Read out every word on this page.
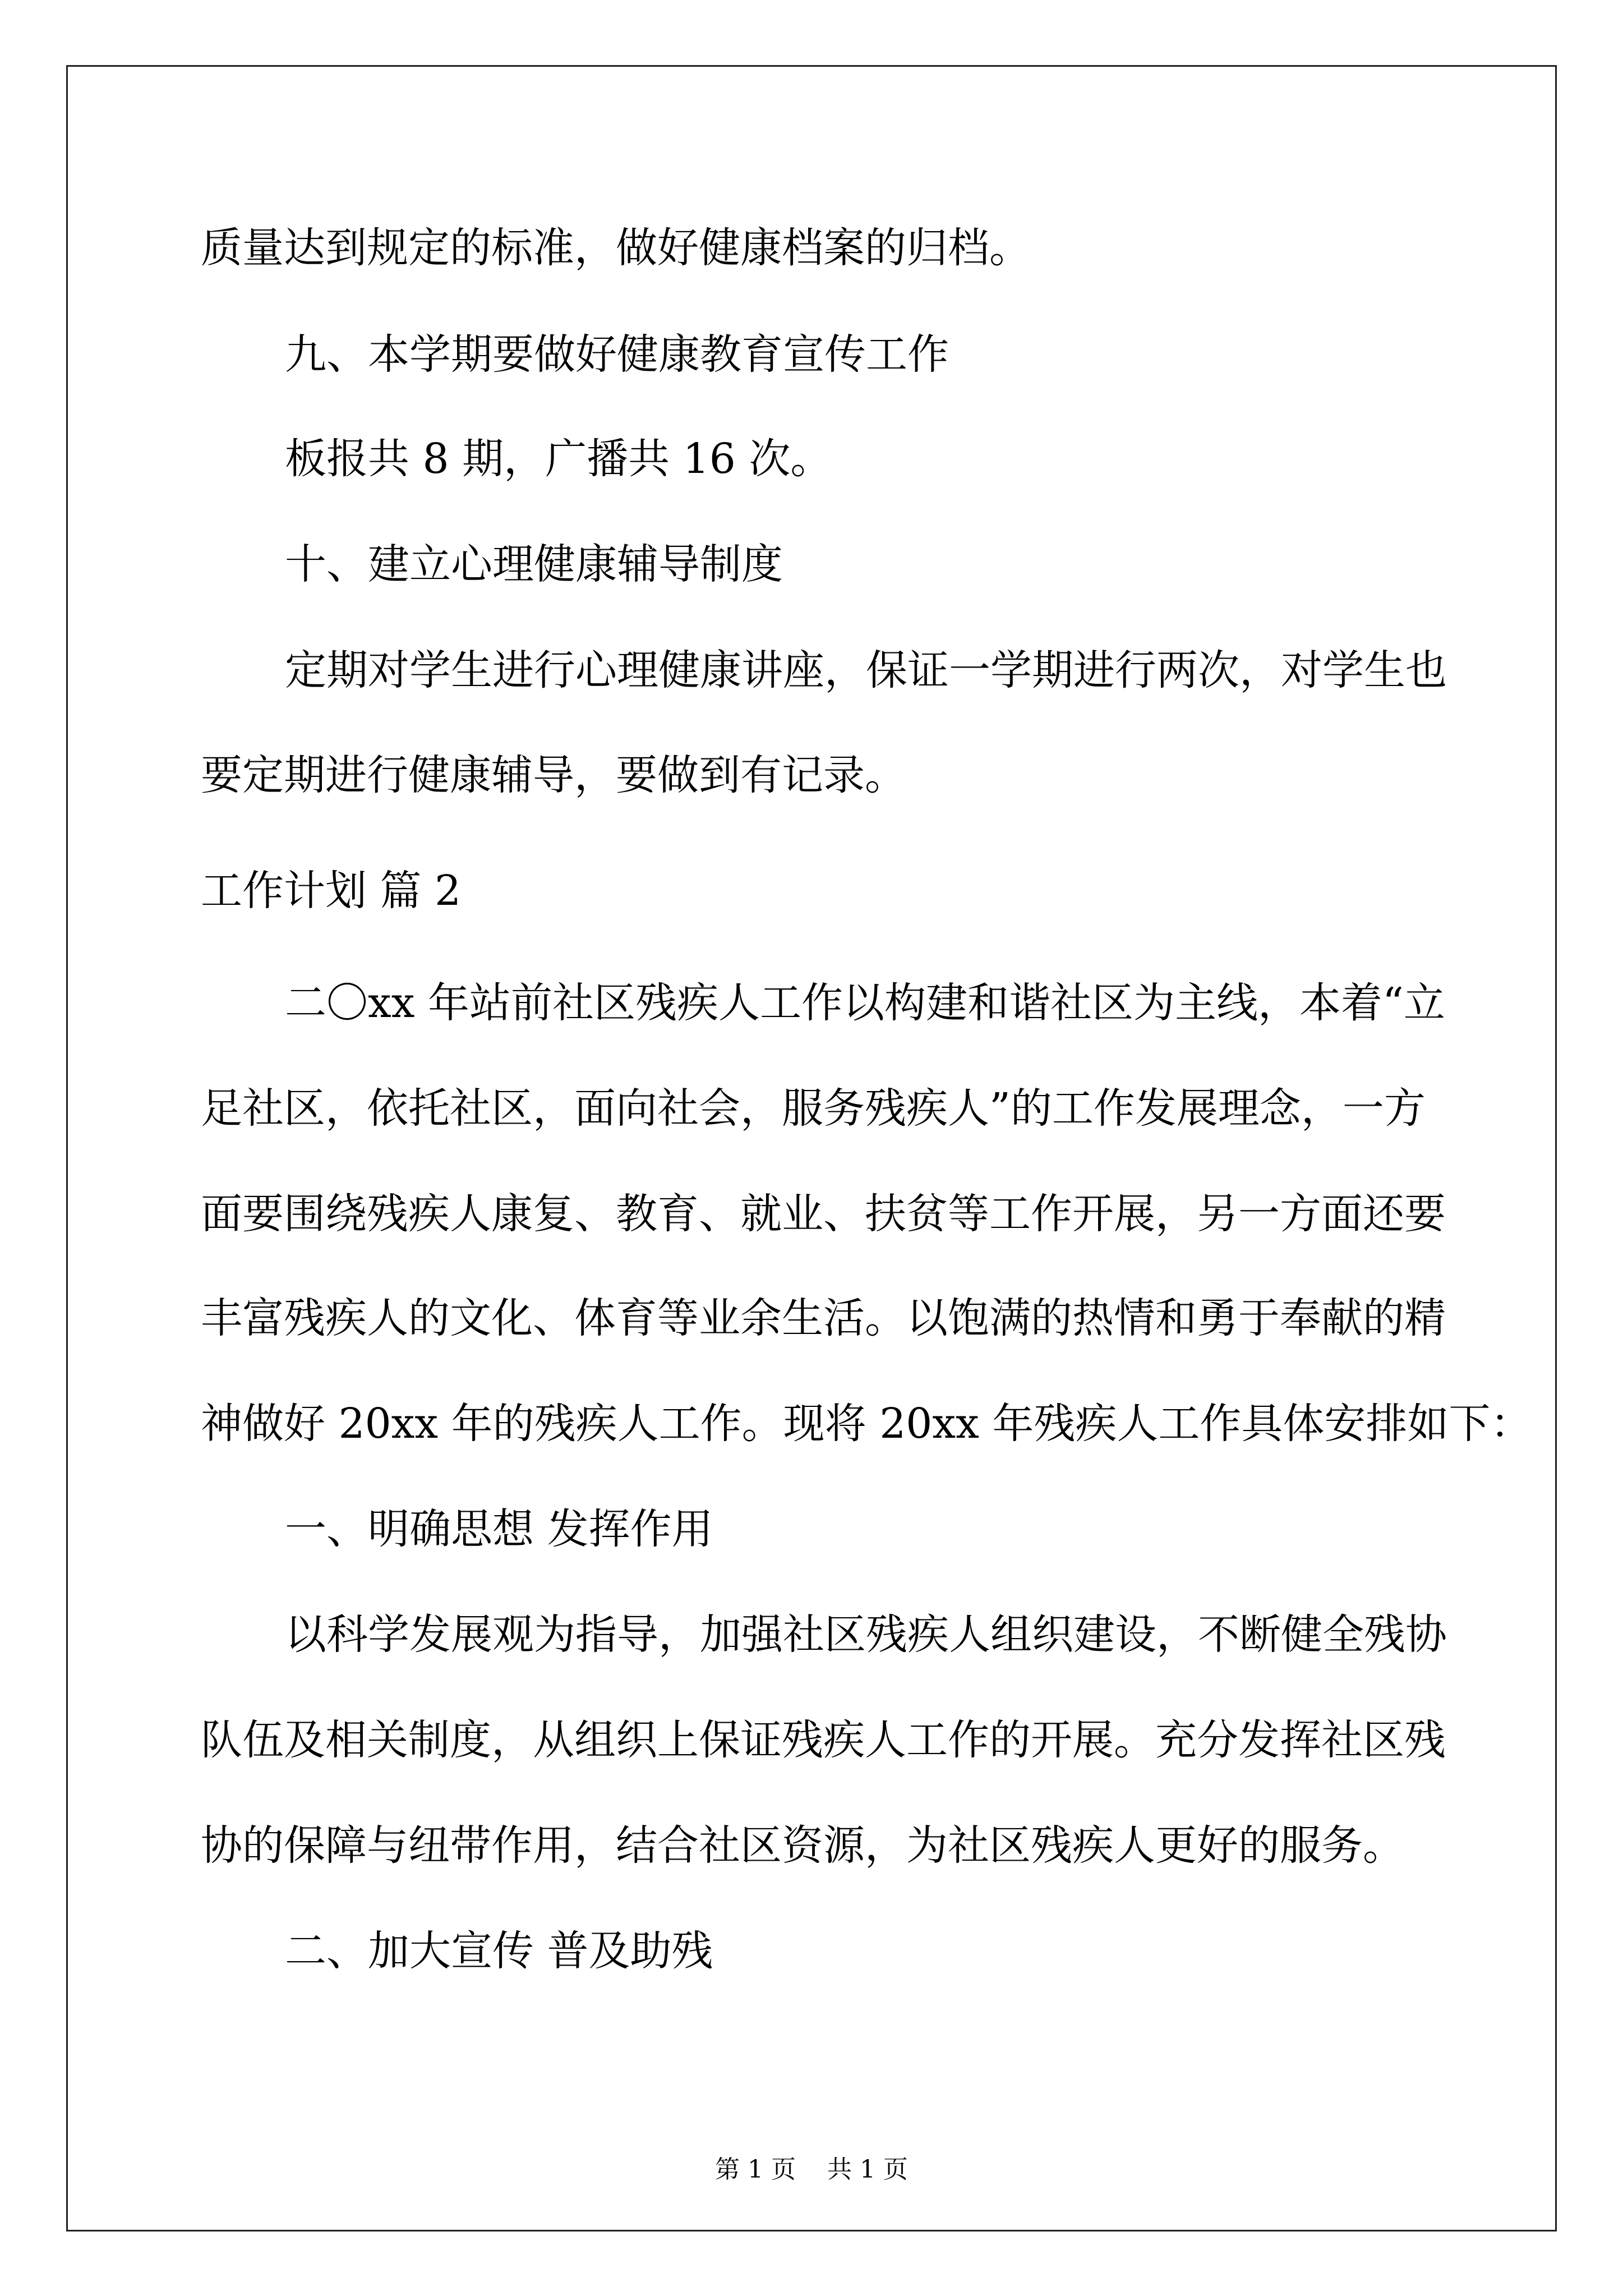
质量达到规定的标准，做好健康档案的归档。
九、本学期要做好健康教育宣传工作
板报共 8 期，广播共 16 次。
十、建立心理健康辅导制度
定期对学生进行心理健康讲座，保证一学期进行两次，对学生也
要定期进行健康辅导，要做到有记录。
工作计划 篇 2
二〇xx 年站前社区残疾人工作以构建和谐社区为主线，本着“立
足社区，依托社区，面向社会，服务残疾人”的工作发展理念，一方
面要围绕残疾人康复、教育、就业、扶贫等工作开展，另一方面还要
丰富残疾人的文化、体育等业余生活。以饱满的热情和勇于奉献的精
神做好 20xx 年的残疾人工作。现将 20xx 年残疾人工作具体安排如下：
一、明确思想 发挥作用
以科学发展观为指导，加强社区残疾人组织建设，不断健全残协
队伍及相关制度，从组织上保证残疾人工作的开展。充分发挥社区残
协的保障与纽带作用，结合社区资源，为社区残疾人更好的服务。
二、加大宣传 普及助残
第 1 页    共 1 页
